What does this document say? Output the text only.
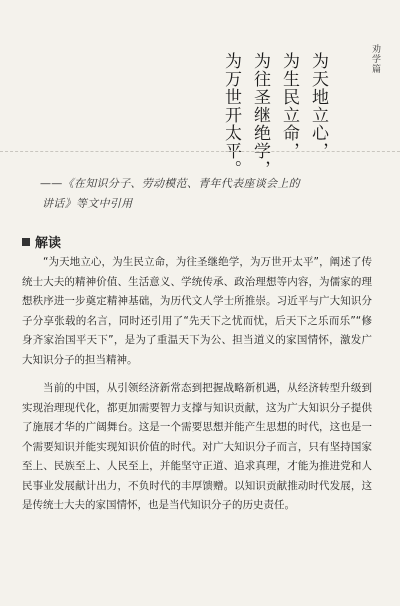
劝学篇
为天地立心，
为生民立命，
为往圣继绝学，
为万世开太平。
——《在知识分子、劳动模范、青年代表座谈会上的
讲话》等文中引用
解读

“为天地立心，为生民立命，为往圣继绝学，为万世开太平”，阐述了传统士大夫的精神价值、生活意义、学统传承、政治理想等内容，为儒家的理想秩序进一步奠定精神基础，为历代文人学士所推崇。习近平与广大知识分子分享张载的名言，同时还引用了“先天下之忧而忧，后天下之乐而乐”“修身齐家治国平天下”，是为了重温天下为公、担当道义的家国情怀，激发广大知识分子的担当精神。

当前的中国，从引领经济新常态到把握战略新机遇，从经济转型升级到实现治理现代化，都更加需要智力支撑与知识贡献，这为广大知识分子提供了施展才华的广阔舞台。这是一个需要思想并能产生思想的时代，这也是一个需要知识并能实现知识价值的时代。对广大知识分子而言，只有坚持国家至上、民族至上、人民至上，并能坚守正道、追求真理，才能为推进党和人民事业发展献计出力，不负时代的丰厚馈赠。以知识贡献推动时代发展，这是传统士大夫的家国情怀，也是当代知识分子的历史责任。
